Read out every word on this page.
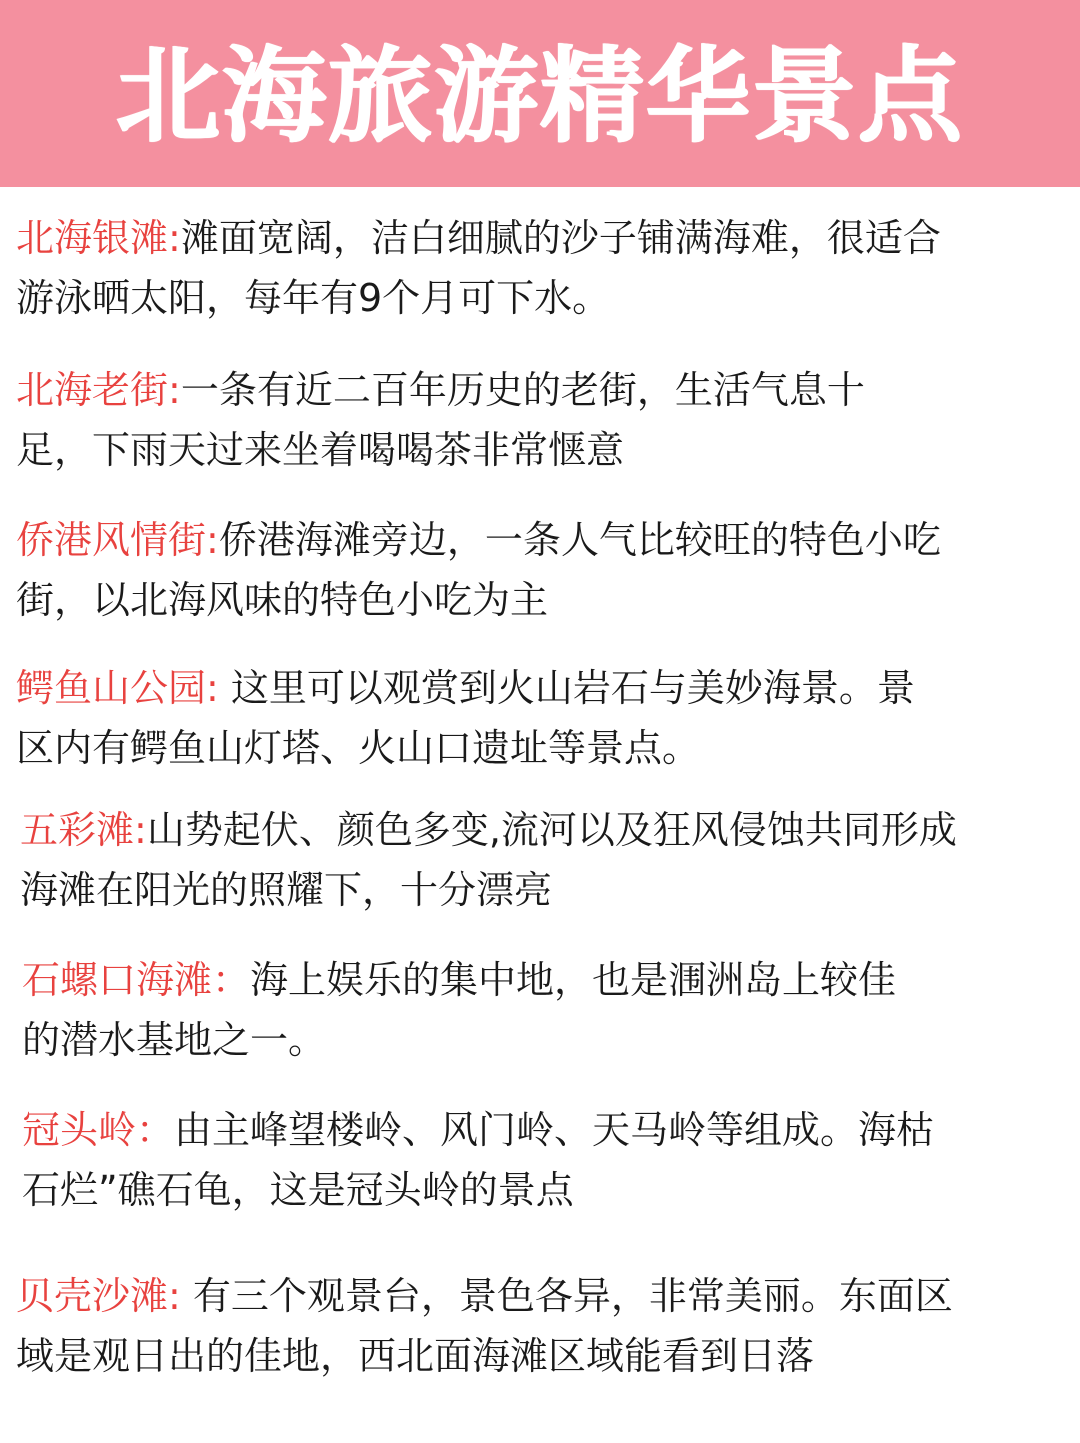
北海旅游精华景点
北海银滩:滩面宽阔，洁白细腻的沙子铺满海难，很适合
游泳晒太阳，每年有9个月可下水。
北海老街:一条有近二百年历史的老街，生活气息十
足，下雨天过来坐着喝喝茶非常惬意
侨港风情街:侨港海滩旁边，一条人气比较旺的特色小吃
街，以北海风味的特色小吃为主
鳄鱼山公园: 这里可以观赏到火山岩石与美妙海景。景
区内有鳄鱼山灯塔、火山口遗址等景点。
五彩滩:山势起伏、颜色多变,流河以及狂风侵蚀共同形成
海滩在阳光的照耀下，十分漂亮
石螺口海滩：海上娱乐的集中地，也是涠洲岛上较佳
的潜水基地之一。
冠头岭：由主峰望楼岭、风门岭、天马岭等组成。海枯
石烂”礁石龟，这是冠头岭的景点
贝壳沙滩: 有三个观景台，景色各异，非常美丽。东面区
域是观日出的佳地，西北面海滩区域能看到日落
